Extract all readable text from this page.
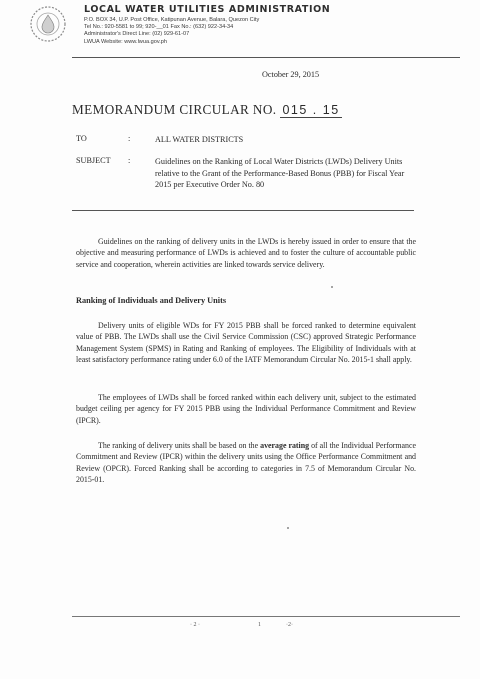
LOCAL WATER UTILITIES ADMINISTRATION
P.O. BOX 34, U.P. Post Office, Katipunan Avenue, Balara, Quezon City
Tel No.: 920-5581 to 99; 920-__01 Fax No.: (632) 922-34-34
Administrator's Direct Line: (02) 929-61-07
LWUA Website: www.lwua.gov.ph
October 29, 2015
MEMORANDUM CIRCULAR NO. 015 . 15
TO	:	ALL WATER DISTRICTS
SUBJECT :	Guidelines on the Ranking of Local Water Districts (LWDs) Delivery Units relative to the Grant of the Performance-Based Bonus (PBB) for Fiscal Year 2015 per Executive Order No. 80

Guidelines on the ranking of delivery units in the LWDs is hereby issued in order to ensure that the objective and measuring performance of LWDs is achieved and to foster the culture of accountable public service and cooperation, wherein activities are linked towards service delivery.

Ranking of Individuals and Delivery Units

Delivery units of eligible WDs for FY 2015 PBB shall be forced ranked to determine equivalent value of PBB. The LWDs shall use the Civil Service Commission (CSC) approved Strategic Performance Management System (SPMS) in Rating and Ranking of employees. The Eligibility of Individuals with at least satisfactory performance rating under 6.0 of the IATF Memorandum Circular No. 2015-1 shall apply.

The employees of LWDs shall be forced ranked within each delivery unit, subject to the estimated budget ceiling per agency for FY 2015 PBB using the Individual Performance Commitment and Review (IPCR).

The ranking of delivery units shall be based on the average rating of all the Individual Performance Commitment and Review (IPCR) within the delivery units using the Office Performance Commitment and Review (OPCR). Forced Ranking shall be according to categories in 7.5 of Memorandum Circular No. 2015-01.

· 2 ·	1	·2·
